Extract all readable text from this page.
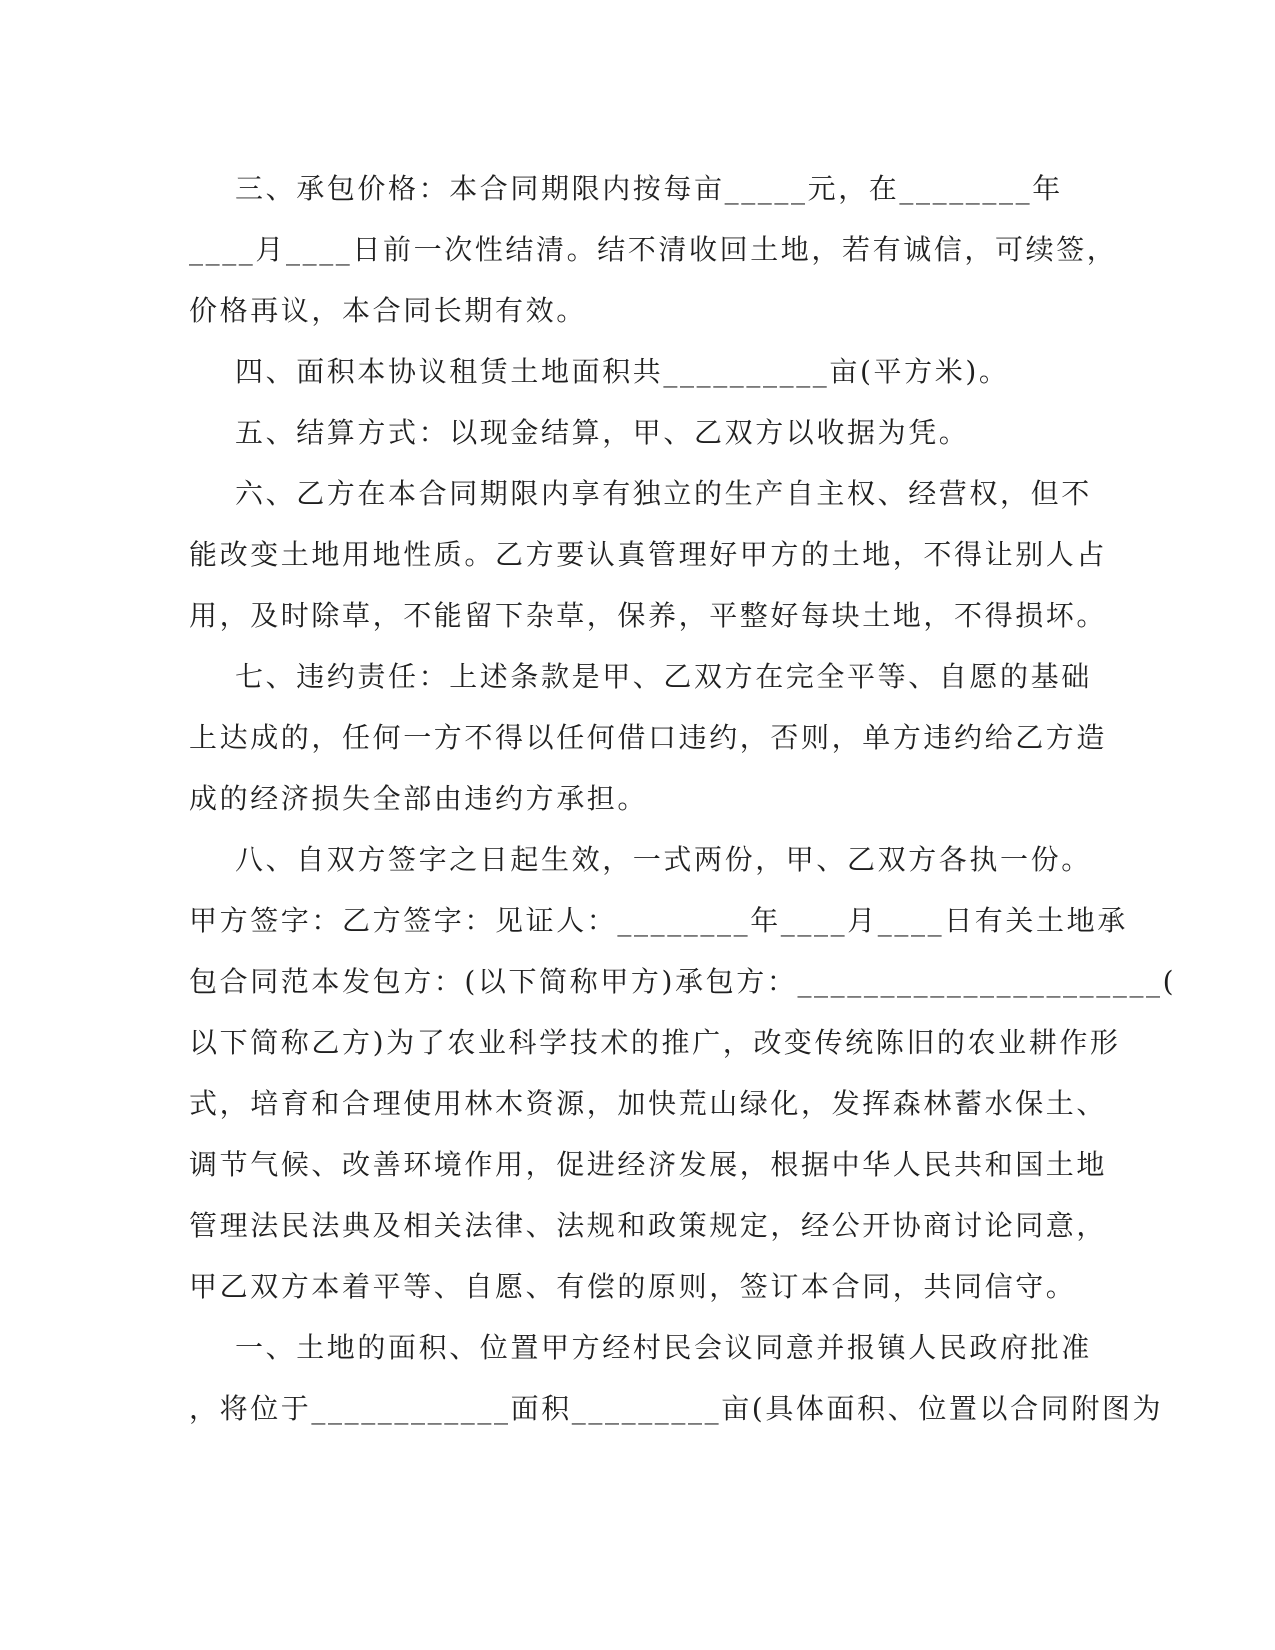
三、承包价格：本合同期限内按每亩_____元，在________年

____月____日前一次性结清。结不清收回土地，若有诚信，可续签，

价格再议，本合同长期有效。

四、面积本协议租赁土地面积共__________亩(平方米)。

五、结算方式：以现金结算，甲、乙双方以收据为凭。

六、乙方在本合同期限内享有独立的生产自主权、经营权，但不

能改变土地用地性质。乙方要认真管理好甲方的土地，不得让别人占

用，及时除草，不能留下杂草，保养，平整好每块土地，不得损坏。

七、违约责任：上述条款是甲、乙双方在完全平等、自愿的基础

上达成的，任何一方不得以任何借口违约，否则，单方违约给乙方造

成的经济损失全部由违约方承担。

八、自双方签字之日起生效，一式两份，甲、乙双方各执一份。

甲方签字：乙方签字：见证人：________年____月____日有关土地承

包合同范本发包方：(以下简称甲方)承包方：______________________(

以下简称乙方)为了农业科学技术的推广，改变传统陈旧的农业耕作形

式，培育和合理使用林木资源，加快荒山绿化，发挥森林蓄水保土、

调节气候、改善环境作用，促进经济发展，根据中华人民共和国土地

管理法民法典及相关法律、法规和政策规定，经公开协商讨论同意，

甲乙双方本着平等、自愿、有偿的原则，签订本合同，共同信守。

一、土地的面积、位置甲方经村民会议同意并报镇人民政府批准

，将位于____________面积_________亩(具体面积、位置以合同附图为
